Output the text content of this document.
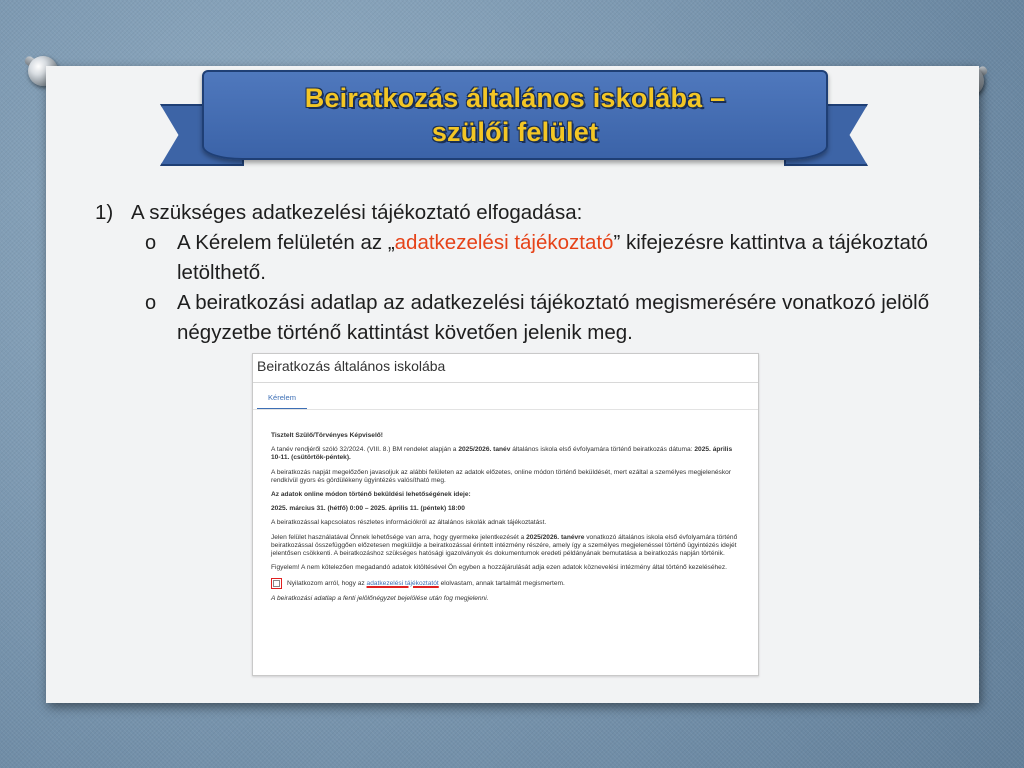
Beiratkozás általános iskolába –
szülői felület
1) A szükséges adatkezelési tájékoztató elfogadása:
o	A Kérelem felületén az „adatkezelési tájékoztató” kifejezésre kattintva a tájékoztató letölthető.
o	A beiratkozási adatlap az adatkezelési tájékoztató megismerésére vonatkozó jelölő négyzetbe történő kattintást követően jelenik meg.
Beiratkozás általános iskolába
Kérelem

Tisztelt Szülő/Törvényes Képviselő!

A tanév rendjéről szóló 32/2024. (VIII. 8.) BM rendelet alapján a 2025/2026. tanév általános iskola első évfolyamára történő beiratkozás dátuma: 2025. április 10-11. (csütörtök-péntek).

A beiratkozás napját megelőzően javasoljuk az alábbi felületen az adatok előzetes, online módon történő beküldését, mert ezáltal a személyes megjelenéskor rendkívül gyors és gördülékeny ügyintézés valósítható meg.

Az adatok online módon történő beküldési lehetőségének ideje:

2025. március 31. (hétfő) 0:00 – 2025. április 11. (péntek) 18:00

A beiratkozással kapcsolatos részletes információkról az általános iskolák adnak tájékoztatást.

Jelen felület használatával Önnek lehetősége van arra, hogy gyermeke jelentkezését a 2025/2026. tanévre vonatkozó általános iskola első évfolyamára történő beiratkozással összefüggően előzetesen megküldje a beiratkozással érintett intézmény részére, amely így a személyes megjelenéssel történő ügyintézés idejét jelentősen csökkenti. A beiratkozáshoz szükséges hatósági igazolványok és dokumentumok eredeti példányának bemutatása a beiratkozás napján történik.

Figyelem! A nem kötelezően megadandó adatok kitöltésével Ön egyben a hozzájárulását adja ezen adatok köznevelési intézmény által történő kezeléséhez.

Nyilatkozom arról, hogy az adatkezelési tájékoztatót elolvastam, annak tartalmát megismertem.

A beiratkozási adatlap a fenti jelölőnégyzet bejelölése után fog megjelenni.
